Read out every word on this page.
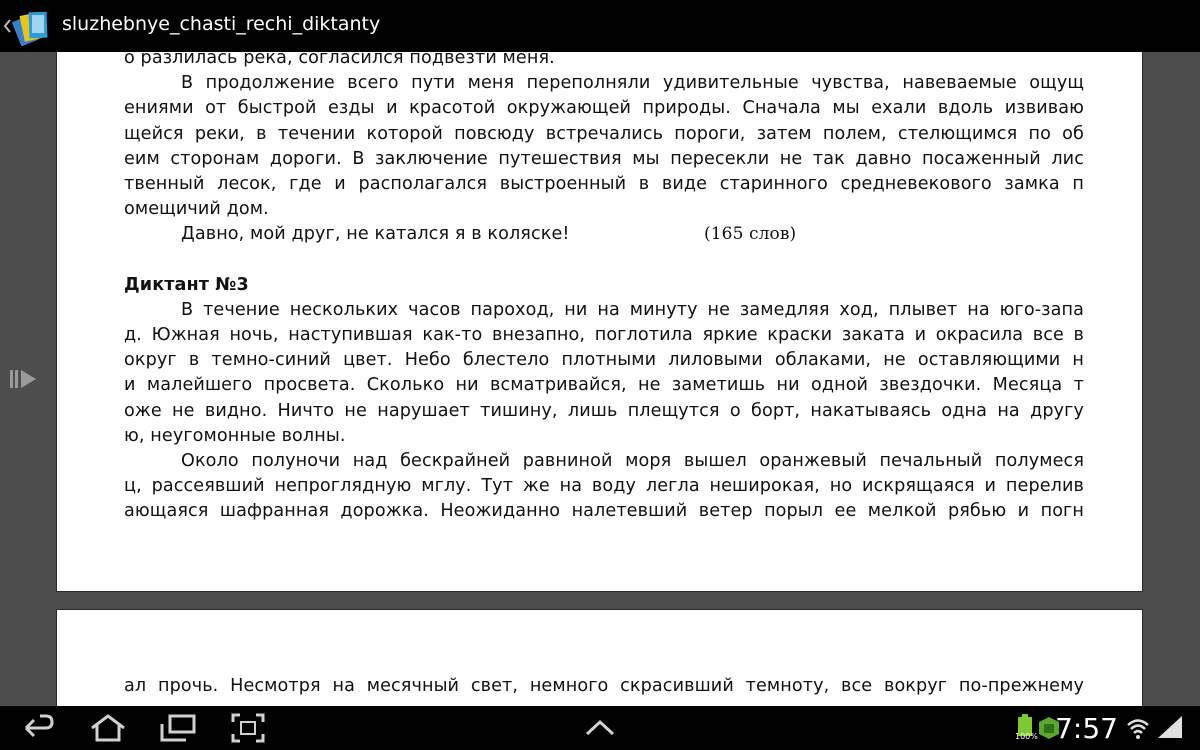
sluzhebnye_chasti_rechi_diktanty
о разлилась река, согласился подвезти меня.
В продолжение всего пути меня переполняли удивительные чувства, навеваемые ощущ
ениями от быстрой езды и красотой окружающей природы. Сначала мы ехали вдоль извиваю
щейся реки, в течении которой повсюду встречались пороги, затем полем, стелющимся по об
еим сторонам дороги. В заключение путешествия мы пересекли не так давно посаженный лис
твенный лесок, где и располагался выстроенный в виде старинного средневекового замка п
омещичий дом.
Давно, мой друг, не катался я в коляске!	(165 слов)
Диктант №3
В течение нескольких часов пароход, ни на минуту не замедляя ход, плывет на юго-запа
д. Южная ночь, наступившая как-то внезапно, поглотила яркие краски заката и окрасила все в
округ в темно-синий цвет. Небо блестело плотными лиловыми облаками, не оставляющими н
и малейшего просвета. Сколько ни всматривайся, не заметишь ни одной звездочки. Месяца т
оже не видно. Ничто не нарушает тишину, лишь плещутся о борт, накатываясь одна на другу
ю, неугомонные волны.
Около полуночи над бескрайней равниной моря вышел оранжевый печальный полумеся
ц, рассеявший непроглядную мглу. Тут же на воду легла неширокая, но искрящаяся и перелив
ающаяся шафранная дорожка. Неожиданно налетевший ветер порыл ее мелкой рябью и погн
ал прочь. Несмотря на месячный свет, немного скрасивший темноту, все вокруг по-прежнему
100% 7:57
